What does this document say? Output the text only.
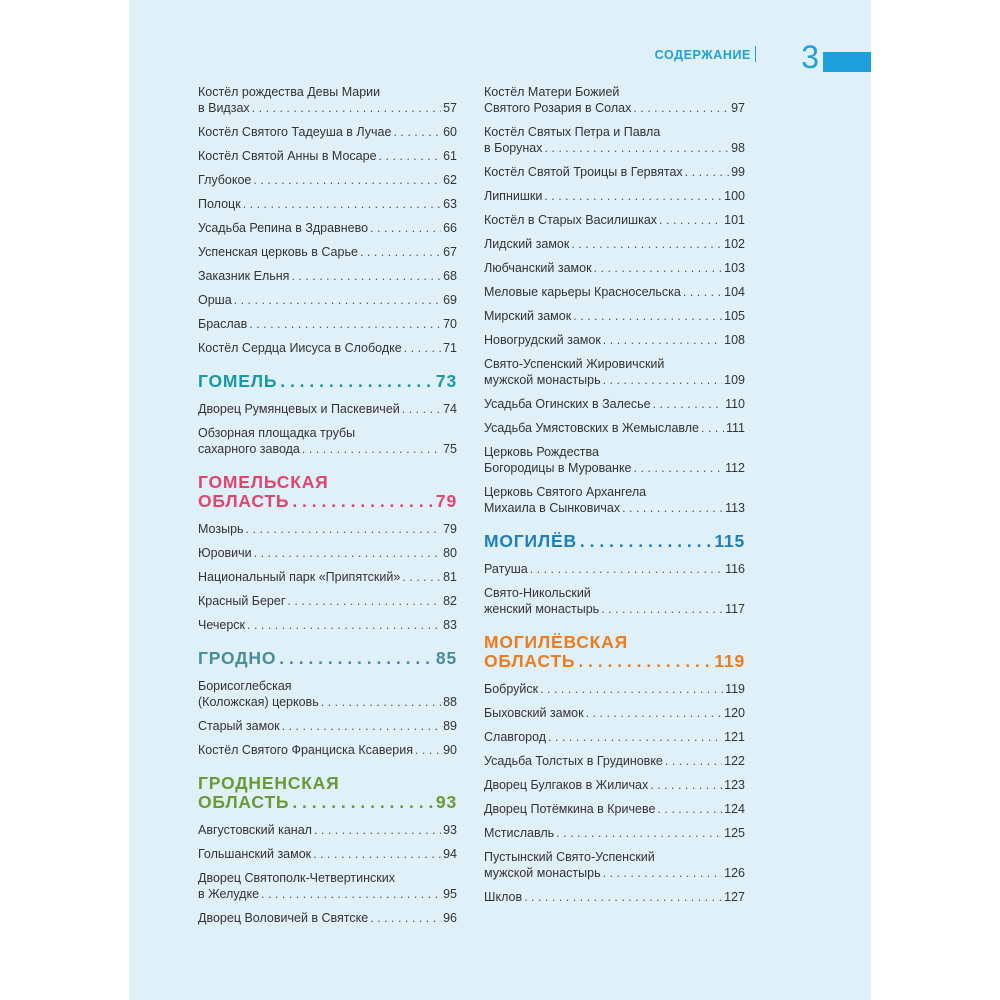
СОДЕРЖАНИЕ 3
Костёл рождества Девы Марии
в Видзах . . .	57
Костёл Святого Тадеуша в Лучае . . .	60
Костёл Святой Анны в Мосаре . . .	61
Глубокое . . .	62
Полоцк . . .	63
Усадьба Репина в Здравнево . . .	66
Успенская церковь в Сарье . . .	67
Заказник Ельня . . .	68
Орша . . .	69
Браслав . . .	70
Костёл Сердца Иисуса в Слободке . . .	71
ГОМЕЛЬ . . .	73
Дворец Румянцевых и Паскевичей . . .	74
Обзорная площадка трубы
сахарного завода . . .	75
ГОМЕЛЬСКАЯ
ОБЛАСТЬ . . .	79
Мозырь . . .	79
Юровичи . . .	80
Национальный парк «Припятский» . . .	81
Красный Берег . . .	82
Чечерск . . .	83
ГРОДНО . . .	85
Борисоглебская
(Коложская) церковь . . .	88
Старый замок . . .	89
Костёл Святого Франциска Ксаверия . . . 90
ГРОДНЕНСКАЯ
ОБЛАСТЬ . . .	93
Августовский канал . . .	93
Гольшанский замок . . .	94
Дворец Святополк-Четвертинских
в Желудке . . .	95
Дворец Воловичей в Святске . . .	96
Костёл Матери Божией
Святого Розария в Солах . . .	97
Костёл Святых Петра и Павла
в Борунах . . .	98
Костёл Святой Троицы в Гервятах . . .	99
Липнишки . . .	100
Костёл в Старых Василишках . . .	101
Лидский замок . . .	102
Любчанский замок . . .	103
Меловые карьеры Красносельска . . .	104
Мирский замок . . .	105
Новогрудский замок . . .	108
Свято-Успенский Жировичский
мужской монастырь . . .	109
Усадьба Огинских в Залесье . . .	110
Усадьба Умястовских в Жемыславле . . . 111
Церковь Рождества
Богородицы в Мурованке . . .	112
Церковь Святого Архангела
Михаила в Сынковичах . . .	113
МОГИЛЁВ . . .	115
Ратуша . . .	116
Свято-Никольский
женский монастырь . . .	117
МОГИЛЁВСКАЯ
ОБЛАСТЬ . . .	119
Бобруйск . . .	119
Быховский замок . . .	120
Славгород . . .	121
Усадьба Толстых в Грудиновке . . .	122
Дворец Булгаков в Жиличах . . .	123
Дворец Потёмкина в Кричеве . . .	124
Мстиславль . . .	125
Пустынский Свято-Успенский
мужской монастырь . . .	126
Шклов . . .	127
